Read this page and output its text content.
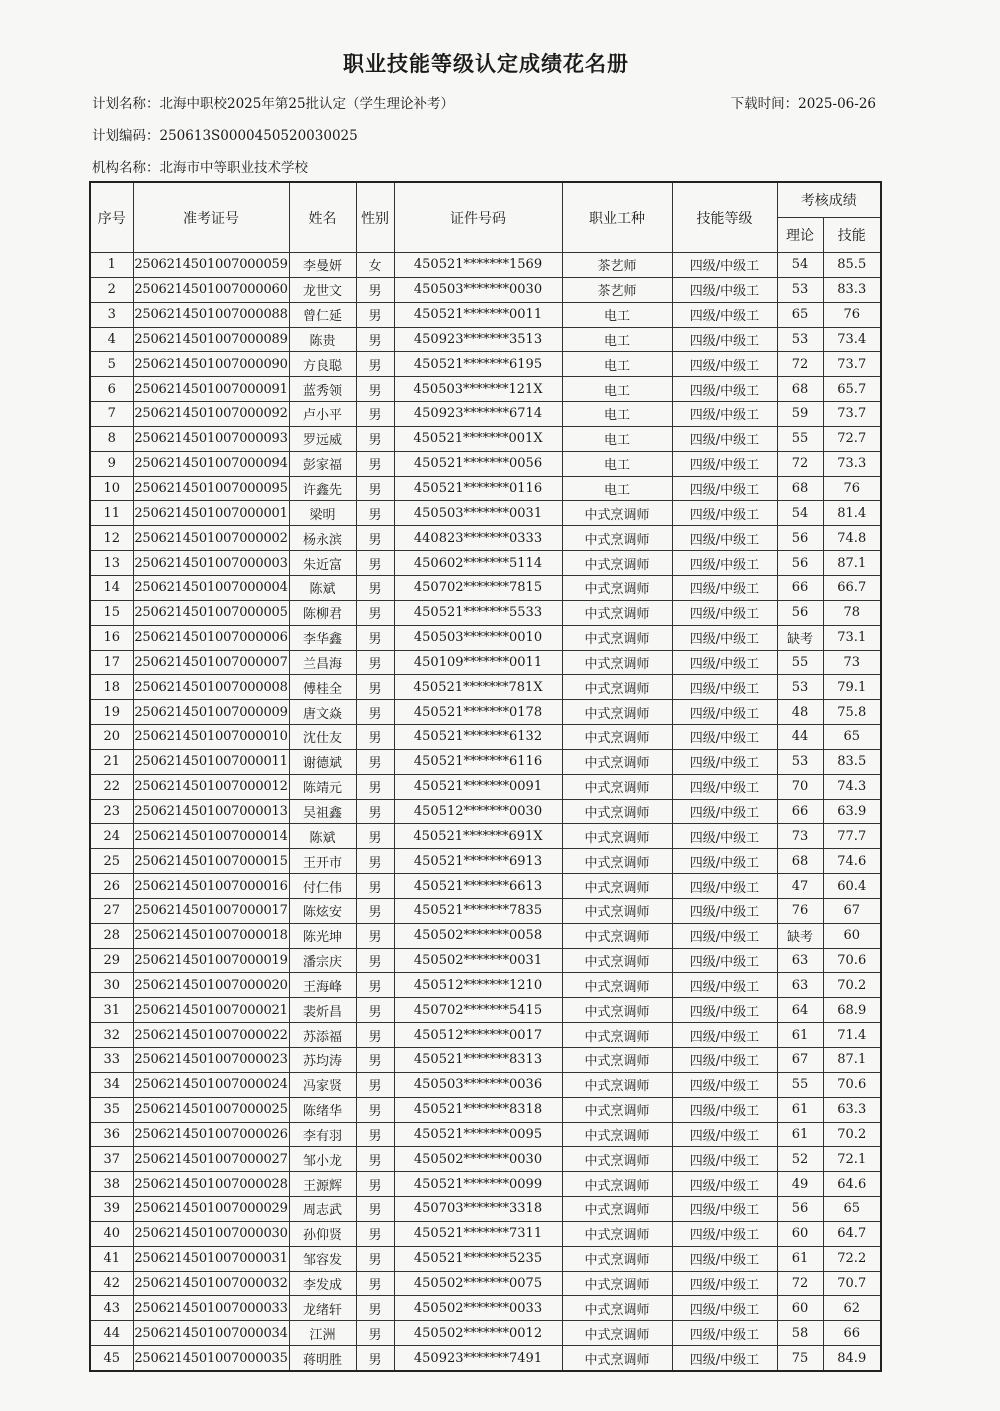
职业技能等级认定成绩花名册
计划名称：北海中职校2025年第25批认定（学生理论补考）	下载时间：2025-06-26
计划编码：250613S0000450520030025
机构名称：北海市中等职业技术学校
序号	准考证号	姓名	性别	证件号码	职业工种	技能等级	考核成绩	
							理论	技能
1	2506214501007000059	李曼妍	女	450521*******1569	茶艺师	四级/中级工	54	85.5
2	2506214501007000060	龙世文	男	450503*******0030	茶艺师	四级/中级工	53	83.3
3	2506214501007000088	曾仁延	男	450521*******0011	电工	四级/中级工	65	76
4	2506214501007000089	陈贵	男	450923*******3513	电工	四级/中级工	53	73.4
5	2506214501007000090	方良聪	男	450521*******6195	电工	四级/中级工	72	73.7
6	2506214501007000091	蓝秀领	男	450503*******121X	电工	四级/中级工	68	65.7
7	2506214501007000092	卢小平	男	450923*******6714	电工	四级/中级工	59	73.7
8	2506214501007000093	罗远威	男	450521*******001X	电工	四级/中级工	55	72.7
9	2506214501007000094	彭家福	男	450521*******0056	电工	四级/中级工	72	73.3
10	2506214501007000095	许鑫先	男	450521*******0116	电工	四级/中级工	68	76
11	2506214501007000001	梁明	男	450503*******0031	中式烹调师	四级/中级工	54	81.4
12	2506214501007000002	杨永滨	男	440823*******0333	中式烹调师	四级/中级工	56	74.8
13	2506214501007000003	朱近富	男	450602*******5114	中式烹调师	四级/中级工	56	87.1
14	2506214501007000004	陈斌	男	450702*******7815	中式烹调师	四级/中级工	66	66.7
15	2506214501007000005	陈柳君	男	450521*******5533	中式烹调师	四级/中级工	56	78
16	2506214501007000006	李华鑫	男	450503*******0010	中式烹调师	四级/中级工	缺考	73.1
17	2506214501007000007	兰昌海	男	450109*******0011	中式烹调师	四级/中级工	55	73
18	2506214501007000008	傅桂全	男	450521*******781X	中式烹调师	四级/中级工	53	79.1
19	2506214501007000009	唐文焱	男	450521*******0178	中式烹调师	四级/中级工	48	75.8
20	2506214501007000010	沈仕友	男	450521*******6132	中式烹调师	四级/中级工	44	65
21	2506214501007000011	谢德斌	男	450521*******6116	中式烹调师	四级/中级工	53	83.5
22	2506214501007000012	陈靖元	男	450521*******0091	中式烹调师	四级/中级工	70	74.3
23	2506214501007000013	吴祖鑫	男	450512*******0030	中式烹调师	四级/中级工	66	63.9
24	2506214501007000014	陈斌	男	450521*******691X	中式烹调师	四级/中级工	73	77.7
25	2506214501007000015	王开市	男	450521*******6913	中式烹调师	四级/中级工	68	74.6
26	2506214501007000016	付仁伟	男	450521*******6613	中式烹调师	四级/中级工	47	60.4
27	2506214501007000017	陈炫安	男	450521*******7835	中式烹调师	四级/中级工	76	67
28	2506214501007000018	陈光坤	男	450502*******0058	中式烹调师	四级/中级工	缺考	60
29	2506214501007000019	潘宗庆	男	450502*******0031	中式烹调师	四级/中级工	63	70.6
30	2506214501007000020	王海峰	男	450512*******1210	中式烹调师	四级/中级工	63	70.2
31	2506214501007000021	裴炘昌	男	450702*******5415	中式烹调师	四级/中级工	64	68.9
32	2506214501007000022	苏添福	男	450512*******0017	中式烹调师	四级/中级工	61	71.4
33	2506214501007000023	苏均涛	男	450521*******8313	中式烹调师	四级/中级工	67	87.1
34	2506214501007000024	冯家贤	男	450503*******0036	中式烹调师	四级/中级工	55	70.6
35	2506214501007000025	陈绪华	男	450521*******8318	中式烹调师	四级/中级工	61	63.3
36	2506214501007000026	李有羽	男	450521*******0095	中式烹调师	四级/中级工	61	70.2
37	2506214501007000027	邹小龙	男	450502*******0030	中式烹调师	四级/中级工	52	72.1
38	2506214501007000028	王源辉	男	450521*******0099	中式烹调师	四级/中级工	49	64.6
39	2506214501007000029	周志武	男	450703*******3318	中式烹调师	四级/中级工	56	65
40	2506214501007000030	孙仰贤	男	450521*******7311	中式烹调师	四级/中级工	60	64.7
41	2506214501007000031	邹容发	男	450521*******5235	中式烹调师	四级/中级工	61	72.2
42	2506214501007000032	李发成	男	450502*******0075	中式烹调师	四级/中级工	72	70.7
43	2506214501007000033	龙绪轩	男	450502*******0033	中式烹调师	四级/中级工	60	62
44	2506214501007000034	江洲	男	450502*******0012	中式烹调师	四级/中级工	58	66
45	2506214501007000035	蒋明胜	男	450923*******7491	中式烹调师	四级/中级工	75	84.9
